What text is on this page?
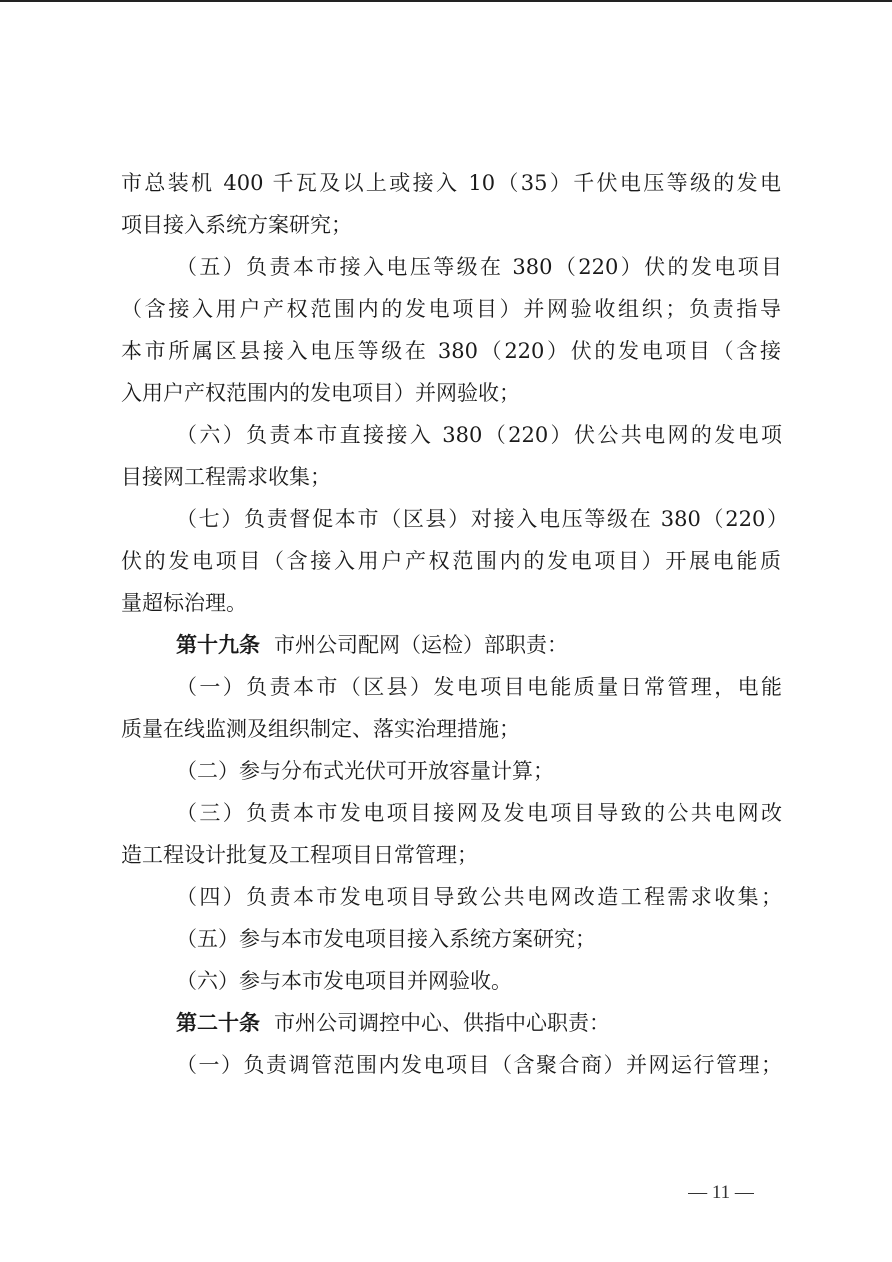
市总装机 400 千瓦及以上或接入 10（35）千伏电压等级的发电
项目接入系统方案研究；
（五）负责本市接入电压等级在 380（220）伏的发电项目
（含接入用户产权范围内的发电项目）并网验收组织；负责指导
本市所属区县接入电压等级在 380（220）伏的发电项目（含接
入用户产权范围内的发电项目）并网验收；
（六）负责本市直接接入 380（220）伏公共电网的发电项
目接网工程需求收集；
（七）负责督促本市（区县）对接入电压等级在 380（220）
伏的发电项目（含接入用户产权范围内的发电项目）开展电能质
量超标治理。
第十九条 市州公司配网（运检）部职责：
（一）负责本市（区县）发电项目电能质量日常管理，电能
质量在线监测及组织制定、落实治理措施；
（二）参与分布式光伏可开放容量计算；
（三）负责本市发电项目接网及发电项目导致的公共电网改
造工程设计批复及工程项目日常管理；
（四）负责本市发电项目导致公共电网改造工程需求收集；
（五）参与本市发电项目接入系统方案研究；
（六）参与本市发电项目并网验收。
第二十条 市州公司调控中心、供指中心职责：
（一）负责调管范围内发电项目（含聚合商）并网运行管理；
— 11 —
